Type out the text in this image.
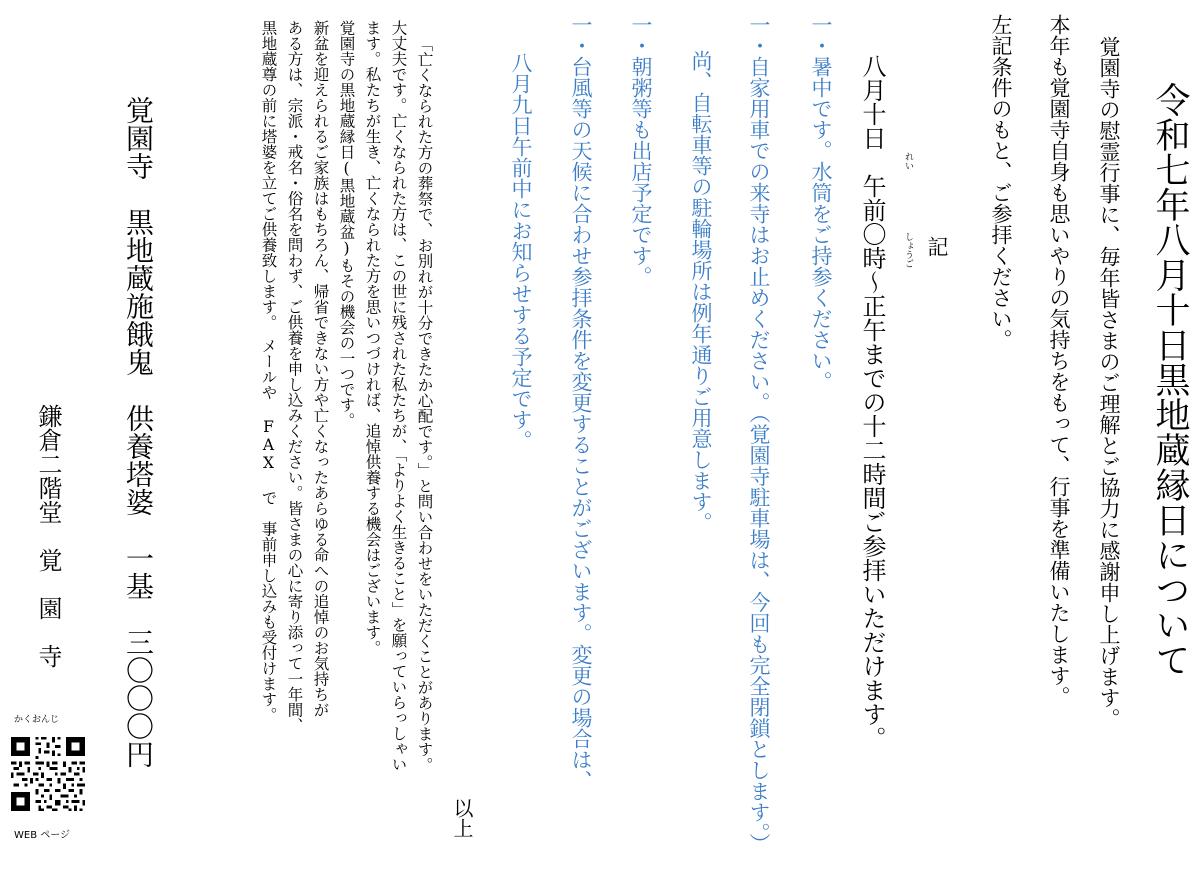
令和七年八月十日黒地蔵縁日について
覚園寺の慰霊行事に、毎年皆さまのご理解とご協力に感謝申し上げます。
本年も覚園寺自身も思いやりの気持ちをもって、行事を準備いたします。
左記条件のもと、ご参拝ください。
記
八月十日　午前〇時～正午までの十二時間ご参拝いただけます。 れい
しょうご
一・暑中です。水筒をご持参ください。
一・自家用車での来寺はお止めください。（覚園寺駐車場は、今回も完全閉鎖とします。）
尚、自転車等の駐輪場所は例年通りご用意します。
一・朝粥等も出店予定です。
一・台風等の天候に合わせ参拝条件を変更することがございます。変更の場合は、
八月九日午前中にお知らせする予定です。
以上
「亡くなられた方の葬祭で、お別れが十分できたか心配です。」と問い合わせをいただくことがあります。
大丈夫です。亡くなられた方は、この世に残された私たちが、「よりよく生きること」を願っていらっしゃい
ます。私たちが生き、亡くなられた方を思いつづければ、追悼供養する機会はございます。
覚園寺の黒地蔵縁日(黒地蔵盆)もその機会の一つです。
新盆を迎えられるご家族はもちろん、帰省できない方や亡くなったあらゆる命への追悼のお気持ちが
ある方は、宗派・戒名・俗名を問わず、ご供養を申し込みください。皆さまの心に寄り添って一年間、
黒地蔵尊の前に塔婆を立てご供養致します。　メールや FAX で　事前申し込みも受付けます。
覚園寺　黒地蔵施餓鬼　供養塔婆　一基　三〇〇〇円
鎌倉二階堂　覚　園　寺
かくおんじ
WEB ページ
